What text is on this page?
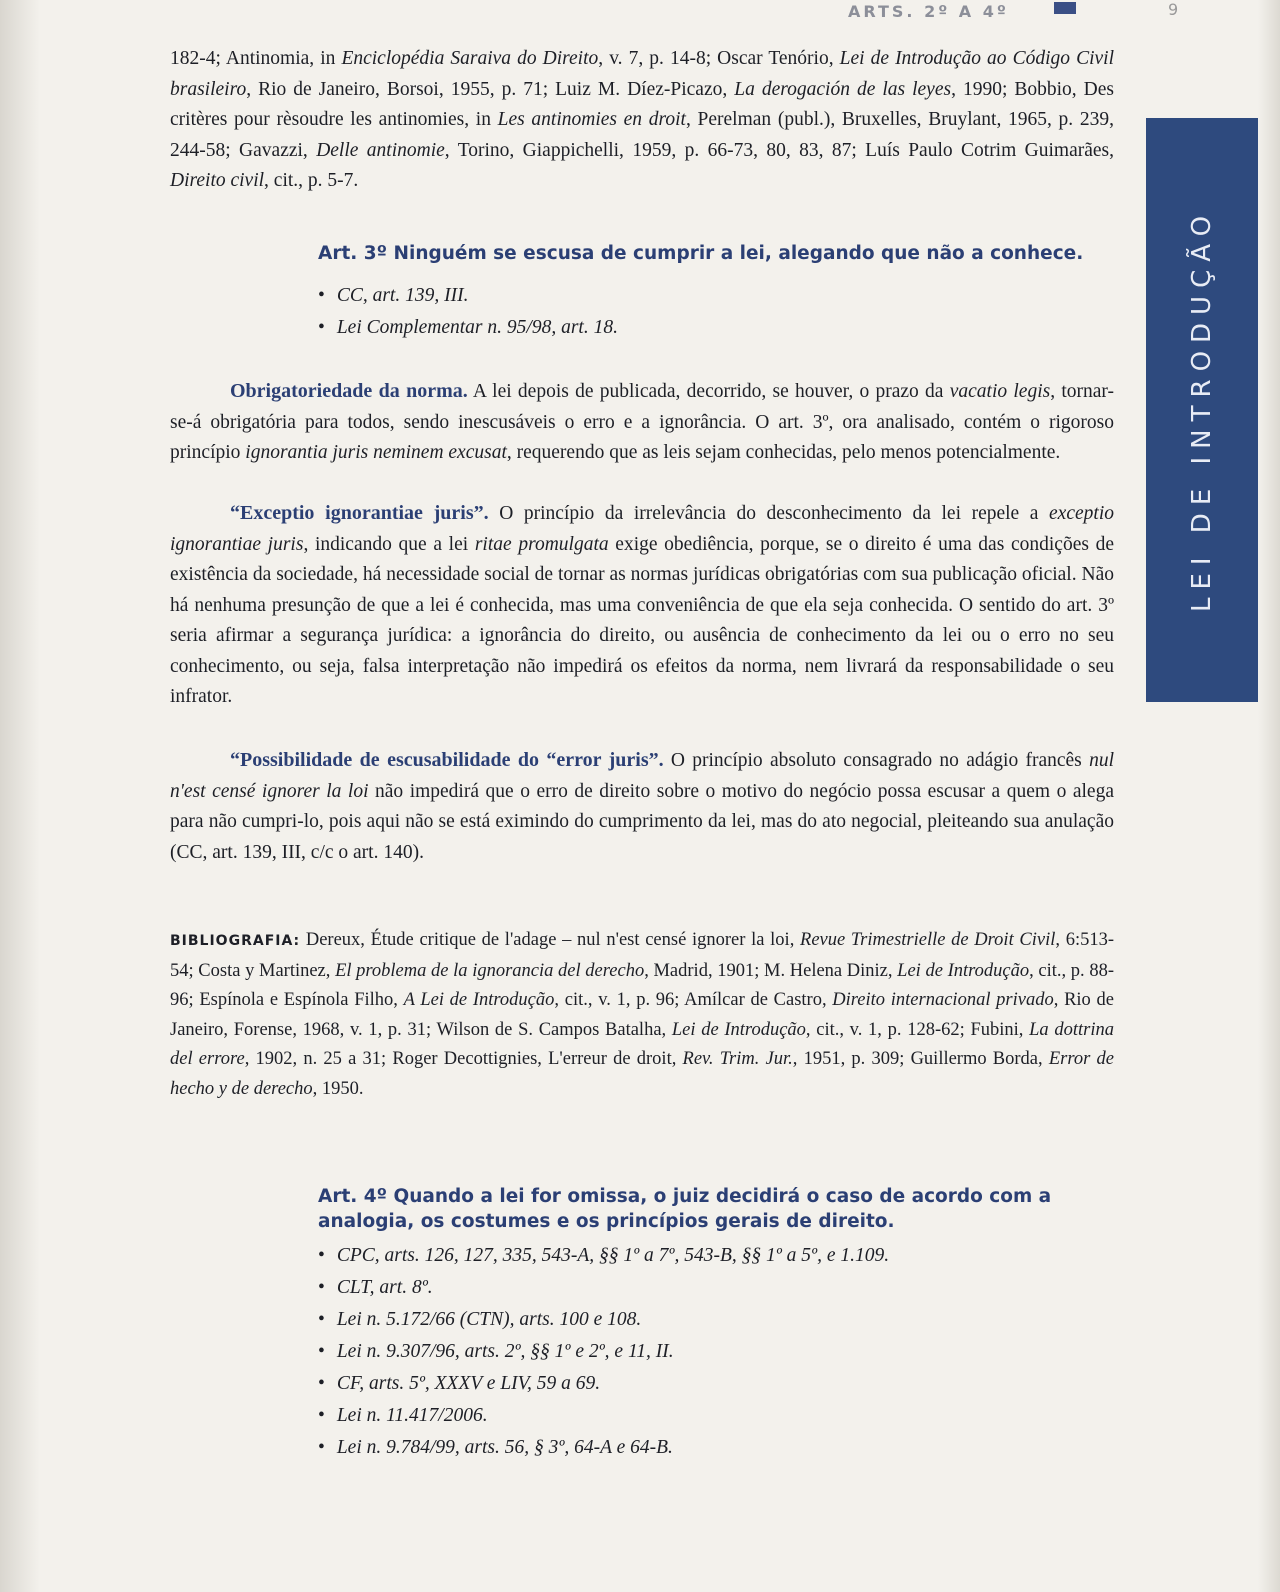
ARTS. 2º A 4º	9
LEI DE INTRODUÇÃO

182-4; Antinomia, in Enciclopédia Saraiva do Direito, v. 7, p. 14-8; Oscar Tenório, Lei de Introdução ao Código Civil brasileiro, Rio de Janeiro, Borsoi, 1955, p. 71; Luiz M. Díez-Picazo, La derogación de las leyes, 1990; Bobbio, Des critères pour rèsoudre les antinomies, in Les antinomies en droit, Perelman (publ.), Bruxelles, Bruylant, 1965, p. 239, 244-58; Gavazzi, Delle antinomie, Torino, Giappichelli, 1959, p. 66-73, 80, 83, 87; Luís Paulo Cotrim Guimarães, Direito civil, cit., p. 5-7.

Art. 3º Ninguém se escusa de cumprir a lei, alegando que não a conhece.
• CC, art. 139, III.
• Lei Complementar n. 95/98, art. 18.

Obrigatoriedade da norma. A lei depois de publicada, decorrido, se houver, o prazo da vacatio legis, tornar-se-á obrigatória para todos, sendo inescusáveis o erro e a ignorância. O art. 3º, ora analisado, contém o rigoroso princípio ignorantia juris neminem excusat, requerendo que as leis sejam conhecidas, pelo menos potencialmente.

“Exceptio ignorantiae juris”. O princípio da irrelevância do desconhecimento da lei repele a exceptio ignorantiae juris, indicando que a lei ritae promulgata exige obediência, porque, se o direito é uma das condições de existência da sociedade, há necessidade social de tornar as normas jurídicas obrigatórias com sua publicação oficial. Não há nenhuma presunção de que a lei é conhecida, mas uma conveniência de que ela seja conhecida. O sentido do art. 3º seria afirmar a segurança jurídica: a ignorância do direito, ou ausência de conhecimento da lei ou o erro no seu conhecimento, ou seja, falsa interpretação não impedirá os efeitos da norma, nem livrará da responsabilidade o seu infrator.

“Possibilidade de escusabilidade do “error juris”. O princípio absoluto consagrado no adágio francês nul n'est censé ignorer la loi não impedirá que o erro de direito sobre o motivo do negócio possa escusar a quem o alega para não cumpri-lo, pois aqui não se está eximindo do cumprimento da lei, mas do ato negocial, pleiteando sua anulação (CC, art. 139, III, c/c o art. 140).

BIBLIOGRAFIA: Dereux, Étude critique de l'adage – nul n'est censé ignorer la loi, Revue Trimestrielle de Droit Civil, 6:513-54; Costa y Martinez, El problema de la ignorancia del derecho, Madrid, 1901; M. Helena Diniz, Lei de Introdução, cit., p. 88-96; Espínola e Espínola Filho, A Lei de Introdução, cit., v. 1, p. 96; Amílcar de Castro, Direito internacional privado, Rio de Janeiro, Forense, 1968, v. 1, p. 31; Wilson de S. Campos Batalha, Lei de Introdução, cit., v. 1, p. 128-62; Fubini, La dottrina del errore, 1902, n. 25 a 31; Roger Decottignies, L'erreur de droit, Rev. Trim. Jur., 1951, p. 309; Guillermo Borda, Error de hecho y de derecho, 1950.

Art. 4º Quando a lei for omissa, o juiz decidirá o caso de acordo com a analogia, os costumes e os princípios gerais de direito.
• CPC, arts. 126, 127, 335, 543-A, §§ 1º a 7º, 543-B, §§ 1º a 5º, e 1.109.
• CLT, art. 8º.
• Lei n. 5.172/66 (CTN), arts. 100 e 108.
• Lei n. 9.307/96, arts. 2º, §§ 1º e 2º, e 11, II.
• CF, arts. 5º, XXXV e LIV, 59 a 69.
• Lei n. 11.417/2006.
• Lei n. 9.784/99, arts. 56, § 3º, 64-A e 64-B.
